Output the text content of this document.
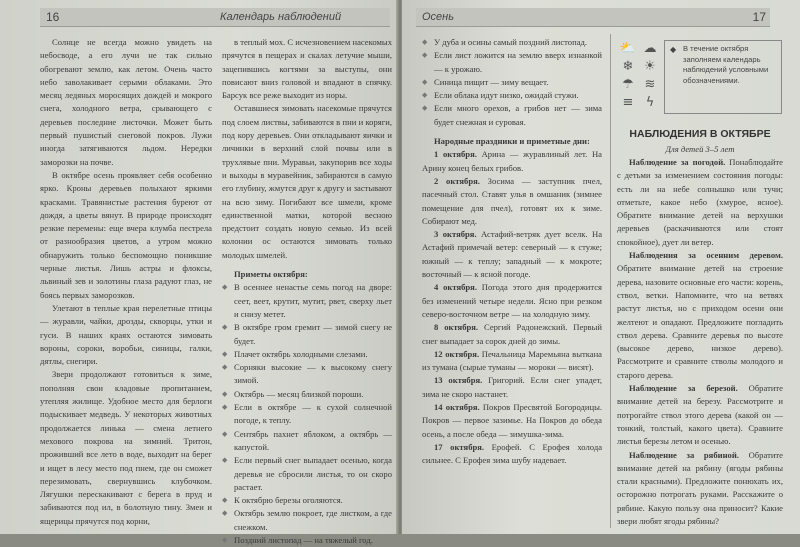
16	Календарь наблюдений

Солнце не всегда можно увидеть на небосводе, а его лучи не так сильно обогревают землю, как летом. Очень часто небо заволакивает серыми облаками. Это месяц ледяных моросящих дождей и мокрого снега, холодного ветра, срывающего с деревьев последние листочки. Может быть первый пушистый снеговой покров. Лужи иногда затягиваются льдом. Нередки заморозки на почве.

В октябре осень проявляет себя особенно ярко. Кроны деревьев полыхают яркими красками. Травянистые растения буреют от дождя, а цветы вянут. В природе происходят резкие перемены: еще вчера клумба пестрела от разнообразия цветов, а утром можно обнаружить только беспомощно поникшие черные листья. Лишь астры и флоксы, львиный зев и золотины глаза радуют глаз, не боясь первых заморозков.

Улетают в теплые края перелетные птицы — журавли, чайки, дрозды, скворцы, утки и гуси. В наших краях остаются зимовать вороны, сороки, воробьи, синицы, галки, дятлы, снегири.

Звери продолжают готовиться к зиме, пополняя свои кладовые пропитанием, утепляя жилище. Удобное место для берлоги подыскивает медведь. У некоторых животных продолжается линька — смена летнего мехового покрова на зимний. Тритон, проживший все лето в воде, выходит на берег и ищет в лесу место под пнем, где он сможет перезимовать, свернувшись клубочком. Лягушки перескакивают с берега в пруд и забиваются под ил, в болотную тину. Змеи и ящерицы прячутся под корни,

в теплый мох. С исчезновением насекомых прячутся в пещерах и скалах летучие мыши, зацепившись когтями за выступы, они повисают вниз головой и впадают в спячку. Барсук все реже выходит из норы.

Оставшиеся зимовать насекомые прячутся под слоем листвы, забиваются в пни и коряги, под кору деревьев. Они откладывают яички и личинки в верхний слой почвы или в трухлявые пни. Муравьи, закупорив все ходы и выходы в муравейник, забираются в самую его глубину, жмутся друг к другу и застывают на всю зиму. Погибают все шмели, кроме единственной матки, которой весною предстоит создать новую семью. Из всей колонии ос остаются зимовать только молодых шмелей.

Приметы октября:

◆ В осеннее ненастье семь погод на дворе: сеет, веет, крутит, мутит, рвет, сверху льет и снизу метет.
◆ В октябре гром гремит — зимой снегу не будет.
◆ Плачет октябрь холодными слезами.
◆ Сорняки высокие — к высокому снегу зимой.
◆ Октябрь — месяц близкой пороши.
◆ Если в октябре — к сухой солнечной погоде, к теплу.
◆ Сентябрь пахнет яблоком, а октябрь — капустой.
◆ Если первый снег выпадает осенью, когда деревья не сбросили листья, то он скоро растает.
◆ К октябрю березы оголяются.
◆ Октябрь землю покроет, где листком, а где снежком.
◆ Поздний листопад — на тяжелый год.
Осень	17
◆ У дуба и осины самый поздний листопад.
◆ Если лист ложится на землю вверх изнанкой — к урожаю.
◆ Синица пищит — зиму вещает.
◆ Если облака идут низко, ожидай стужи.
◆ Если много орехов, а грибов нет — зима будет снежная и суровая.

Народные праздники и приметные дни:

1 октября. Арина — журавлиный лет. На Арину конец белых грибов.

2 октября. Зосима — заступник пчел, пасечный стол. Ставят улья в омшаник (зимнее помещение для пчел), готовят их к зиме. Собирают мед.

3 октября. Астафий-ветряк дует вселк. На Астафий примечай ветер: северный — к стуже; южный — к теплу; западный — к мокроте; восточный — к ясной погоде.

4 октября. Погода этого дня продержится без изменений четыре недели. Ясно при резком северо-восточном ветре — на холодную зиму.

8 октября. Сергий Радонежский. Первый снег выпадает за сорок дней до зимы.

12 октября. Печальница Маремьяна выткана из тумана (сырые туманы — мороки — висят).

13 октября. Григорий. Если снег упадет, зима не скоро настанет.

14 октября. Покров Пресвятой Богородицы. Покров — первое зазимье. На Покров до обеда осень, а после обеда — зимушка-зима.

17 октября. Ерофей. С Ерофея холода сильнее. С Ерофея зима шубу надевает.

Наблюдение за погодой. Понаблюдайте с детьми за изменением состояния погоды: есть ли на небе солнышко или тучи; отметьте, какое небо (хмурое, ясное). Обратите внимание детей на верхушки деревьев (раскачиваются или стоят спокойное), дует ли ветер.

Наблюдения за осенним деревом. Обратите внимание детей на строение дерева, назовите основные его части: корень, ствол, ветки. Напомните, что на ветвях растут листья, но с приходом осени они желтеют и опадают. Предложите погладить ствол дерева. Сравните деревья по высоте (высокое дерево, низкое дерево). Рассмотрите и сравните стволы молодого и старого дерева.

Наблюдение за березой. Обратите внимание детей на березу. Рассмотрите и потрогайте ствол этого дерева (какой он — тонкий, толстый, какого цвета). Сравните листья березы летом и осенью.

Наблюдение за рябиной. Обратите внимание детей на рябину (ягоды рябины стали красными). Предложите понюхать их, осторожно потрогать руками. Расскажите о рябине. Какую пользу она приносит? Какие звери любят ягоды рябины?

⛅ ☁❄ ☀☂ ≋≡ ϟ
◆ В течение октября заполняем календарь наблюдений условными обозначениями.
НАБЛЮДЕНИЯ В ОКТЯБРЕ
Для детей 3–5 лет
